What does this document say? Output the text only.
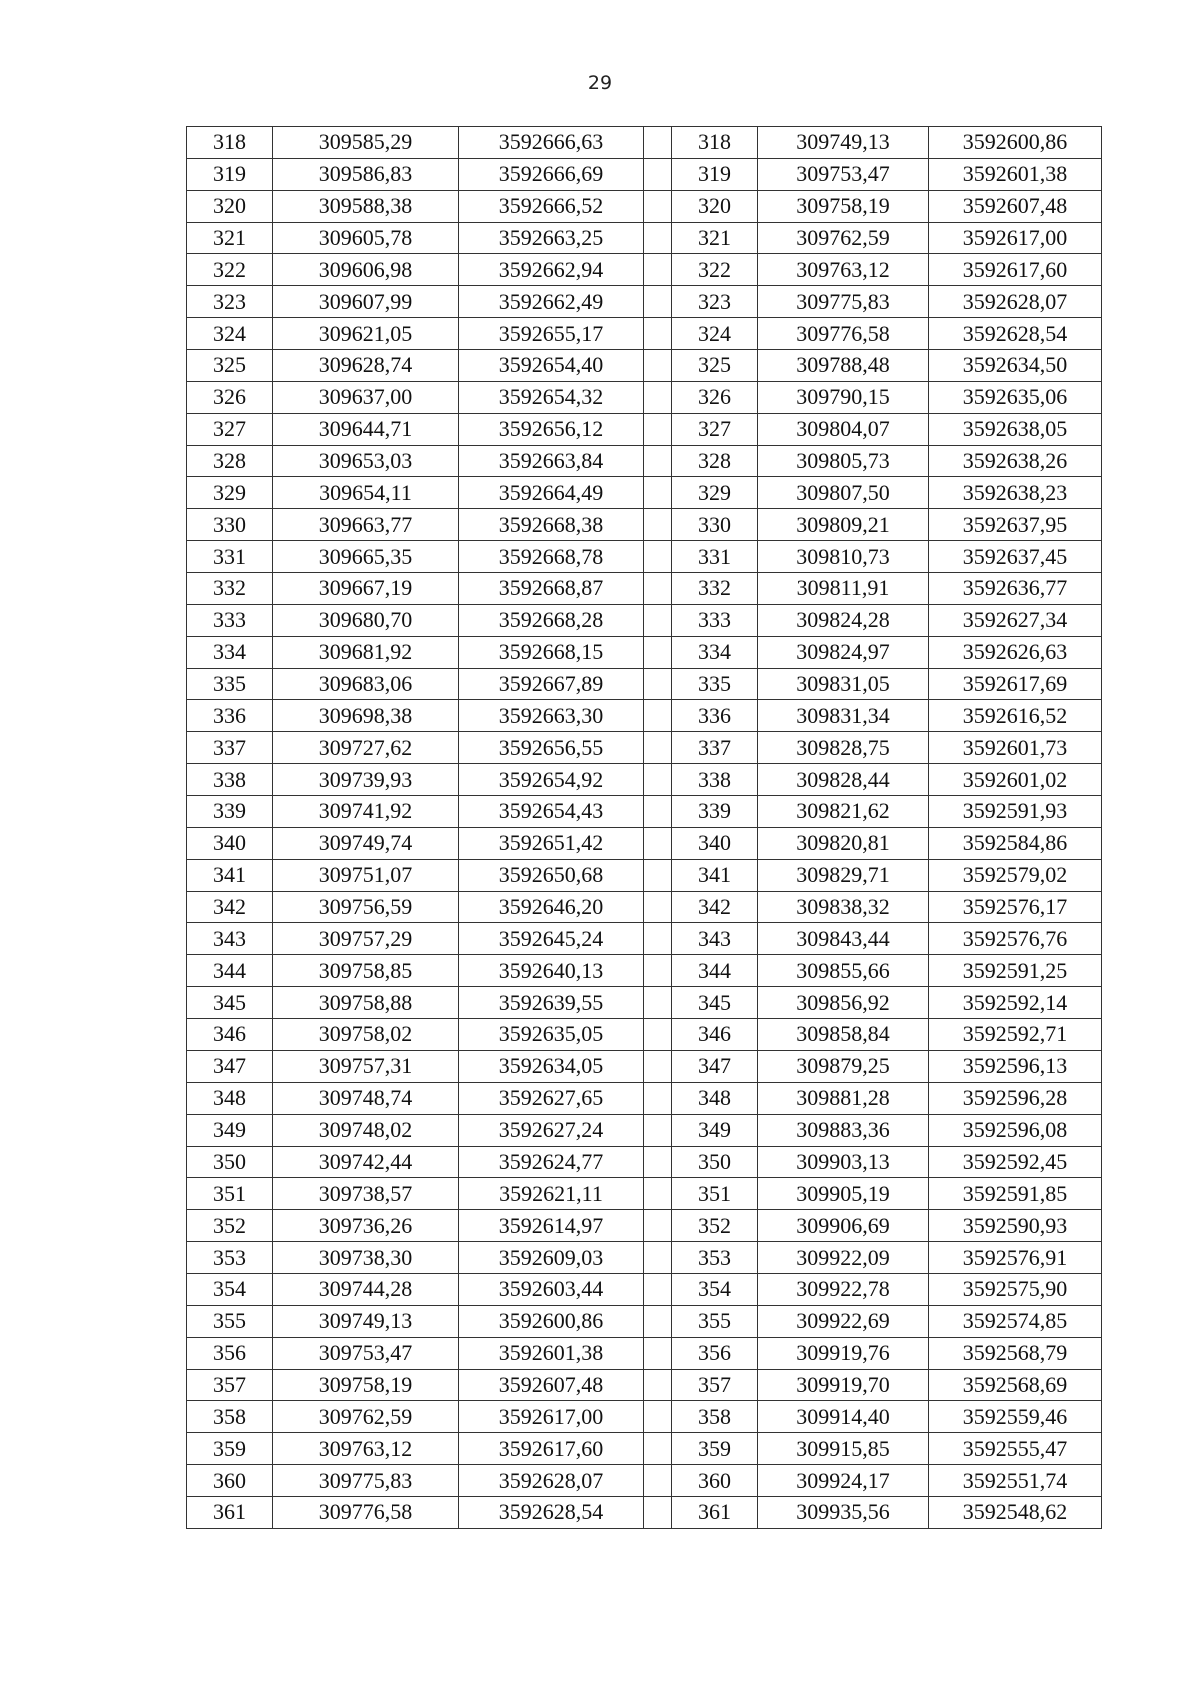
29
318	309585,29	3592666,63		318	309749,13	3592600,86
319	309586,83	3592666,69		319	309753,47	3592601,38
320	309588,38	3592666,52		320	309758,19	3592607,48
321	309605,78	3592663,25		321	309762,59	3592617,00
322	309606,98	3592662,94		322	309763,12	3592617,60
323	309607,99	3592662,49		323	309775,83	3592628,07
324	309621,05	3592655,17		324	309776,58	3592628,54
325	309628,74	3592654,40		325	309788,48	3592634,50
326	309637,00	3592654,32		326	309790,15	3592635,06
327	309644,71	3592656,12		327	309804,07	3592638,05
328	309653,03	3592663,84		328	309805,73	3592638,26
329	309654,11	3592664,49		329	309807,50	3592638,23
330	309663,77	3592668,38		330	309809,21	3592637,95
331	309665,35	3592668,78		331	309810,73	3592637,45
332	309667,19	3592668,87		332	309811,91	3592636,77
333	309680,70	3592668,28		333	309824,28	3592627,34
334	309681,92	3592668,15		334	309824,97	3592626,63
335	309683,06	3592667,89		335	309831,05	3592617,69
336	309698,38	3592663,30		336	309831,34	3592616,52
337	309727,62	3592656,55		337	309828,75	3592601,73
338	309739,93	3592654,92		338	309828,44	3592601,02
339	309741,92	3592654,43		339	309821,62	3592591,93
340	309749,74	3592651,42		340	309820,81	3592584,86
341	309751,07	3592650,68		341	309829,71	3592579,02
342	309756,59	3592646,20		342	309838,32	3592576,17
343	309757,29	3592645,24		343	309843,44	3592576,76
344	309758,85	3592640,13		344	309855,66	3592591,25
345	309758,88	3592639,55		345	309856,92	3592592,14
346	309758,02	3592635,05		346	309858,84	3592592,71
347	309757,31	3592634,05		347	309879,25	3592596,13
348	309748,74	3592627,65		348	309881,28	3592596,28
349	309748,02	3592627,24		349	309883,36	3592596,08
350	309742,44	3592624,77		350	309903,13	3592592,45
351	309738,57	3592621,11		351	309905,19	3592591,85
352	309736,26	3592614,97		352	309906,69	3592590,93
353	309738,30	3592609,03		353	309922,09	3592576,91
354	309744,28	3592603,44		354	309922,78	3592575,90
355	309749,13	3592600,86		355	309922,69	3592574,85
356	309753,47	3592601,38		356	309919,76	3592568,79
357	309758,19	3592607,48		357	309919,70	3592568,69
358	309762,59	3592617,00		358	309914,40	3592559,46
359	309763,12	3592617,60		359	309915,85	3592555,47
360	309775,83	3592628,07		360	309924,17	3592551,74
361	309776,58	3592628,54		361	309935,56	3592548,62
